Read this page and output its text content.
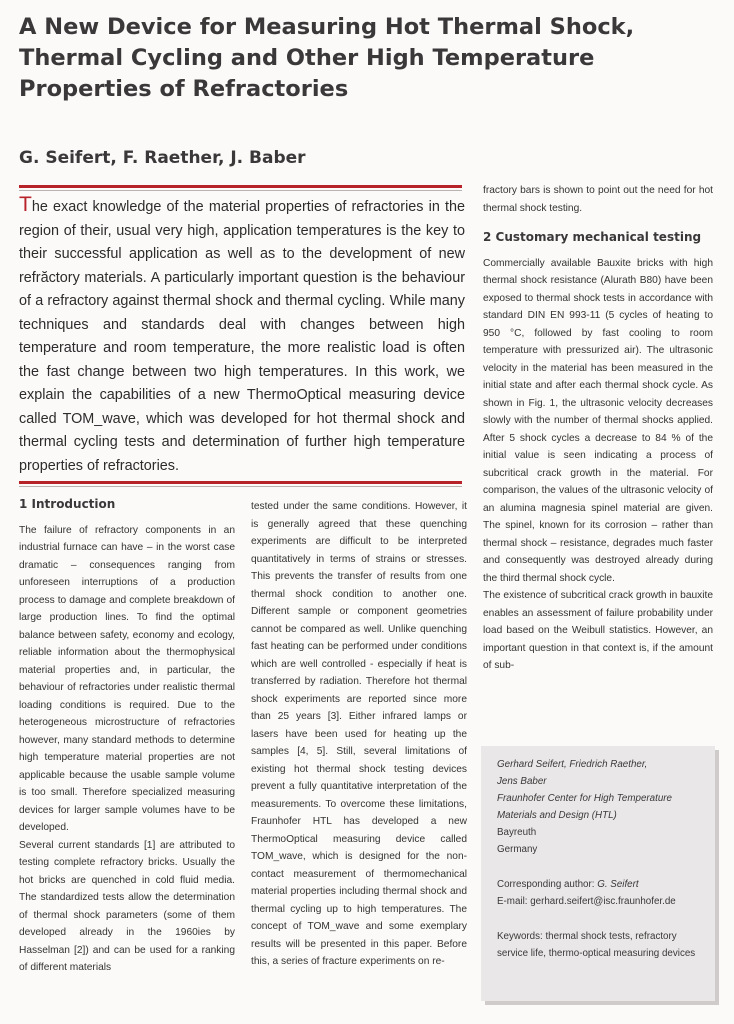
A New Device for Measuring Hot Thermal Shock, Thermal Cycling and Other High Temperature Properties of Refractories
G. Seifert, F. Raether, J. Baber

The exact knowledge of the material properties of refractories in the region of their, usual very high, application temperatures is the key to their successful application as well as to the development of new refrăctory materials. A particularly important question is the behaviour of a refractory against thermal shock and thermal cycling. While many techniques and standards deal with changes between high temperature and room temperature, the more realistic load is often the fast change between two high temperatures. In this work, we explain the capabilities of a new ThermoOptical measuring device called TOM_wave, which was developed for hot thermal shock and thermal cycling tests and determination of further high temperature properties of refractories.

1 Introduction

The failure of refractory components in an industrial furnace can have – in the worst case dramatic – consequences ranging from unforeseen interruptions of a production process to damage and complete breakdown of large production lines. To find the optimal balance between safety, economy and ecology, reliable information about the thermophysical material properties and, in particular, the behaviour of refractories under realistic thermal loading conditions is required. Due to the heterogeneous microstructure of refractories however, many standard methods to determine high temperature material properties are not applicable because the usable sample volume is too small. Therefore specialized measuring devices for larger sample volumes have to be developed.

Several current standards [1] are attributed to testing complete refractory bricks. Usually the hot bricks are quenched in cold fluid media. The standardized tests allow the determination of thermal shock parameters (some of them developed already in the 1960ies by Hasselman [2]) and can be used for a ranking of different materials

tested under the same conditions. However, it is generally agreed that these quenching experiments are difficult to be interpreted quantitatively in terms of strains or stresses. This prevents the transfer of results from one thermal shock condition to another one. Different sample or component geometries cannot be compared as well. Unlike quenching fast heating can be performed under conditions which are well controlled - especially if heat is transferred by radiation. Therefore hot thermal shock experiments are reported since more than 25 years [3]. Either infrared lamps or lasers have been used for heating up the samples [4, 5]. Still, several limitations of existing hot thermal shock testing devices prevent a fully quantitative interpretation of the measurements. To overcome these limitations, Fraunhofer HTL has developed a new ThermoOptical measuring device called TOM_wave, which is designed for the non-contact measurement of thermomechanical material properties including thermal shock and thermal cycling up to high temperatures. The concept of TOM_wave and some exemplary results will be presented in this paper. Before this, a series of fracture experiments on re-

fractory bars is shown to point out the need for hot thermal shock testing.

2 Customary mechanical testing

Commercially available Bauxite bricks with high thermal shock resistance (Alurath B80) have been exposed to thermal shock tests in accordance with standard DIN EN 993-11 (5 cycles of heating to 950 °C, followed by fast cooling to room temperature with pressurized air). The ultrasonic velocity in the material has been measured in the initial state and after each thermal shock cycle. As shown in Fig. 1, the ultrasonic velocity decreases slowly with the number of thermal shocks applied. After 5 shock cycles a decrease to 84 % of the initial value is seen indicating a process of subcritical crack growth in the material. For comparison, the values of the ultrasonic velocity of an alumina magnesia spinel material are given. The spinel, known for its corrosion – rather than thermal shock – resistance, degrades much faster and consequently was destroyed already during the third thermal shock cycle.

The existence of subcritical crack growth in bauxite enables an assessment of failure probability under load based on the Weibull statistics. However, an important question in that context is, if the amount of sub-

Gerhard Seifert, Friedrich Raether,
Jens Baber
Fraunhofer Center for High Temperature
Materials and Design (HTL)
Bayreuth
Germany
Corresponding author: G. Seifert
E-mail: gerhard.seifert@isc.fraunhofer.de
Keywords: thermal shock tests, refractory service life, thermo-optical measuring devices
